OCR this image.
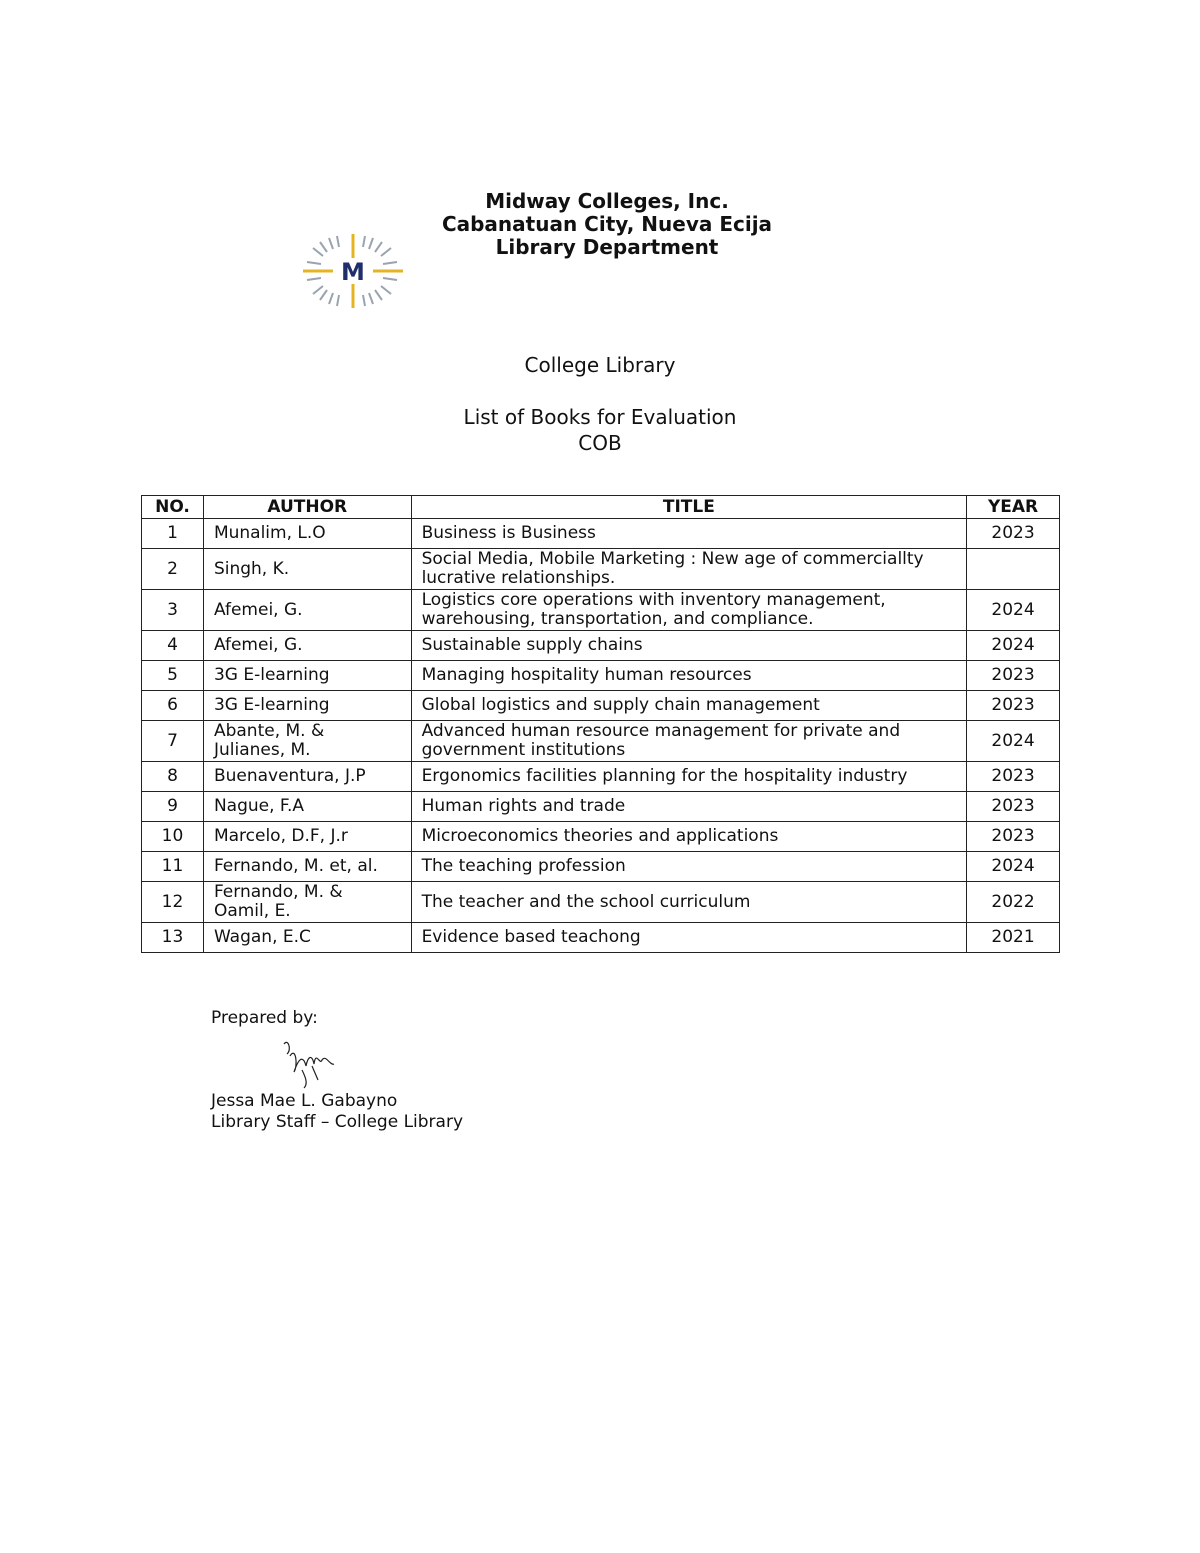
M
Midway Colleges, Inc.
Cabanatuan City, Nueva Ecija
Library Department
College Library
List of Books for Evaluation
COB
NO.	AUTHOR	TITLE	YEAR
1	Munalim, L.O	Business is Business	2023
2	Singh, K.	Social Media, Mobile Marketing : New age of commerciallty lucrative relationships.	
3	Afemei, G.	Logistics core operations with inventory management, warehousing, transportation, and compliance.	2024
4	Afemei, G.	Sustainable supply chains	2024
5	3G E-learning	Managing hospitality human resources	2023
6	3G E-learning	Global logistics and supply chain management	2023
7	Abante, M. & Julianes, M.	Advanced human resource management for private and government institutions	2024
8	Buenaventura, J.P	Ergonomics facilities planning for the hospitality industry	2023
9	Nague, F.A	Human rights and trade	2023
10	Marcelo, D.F, J.r	Microeconomics theories and applications	2023
11	Fernando, M. et, al.	The teaching profession	2024
12	Fernando, M. & Oamil, E.	The teacher and the school curriculum	2022
13	Wagan, E.C	Evidence based teachong	2021
Prepared by:
Jessa Mae L. Gabayno
Library Staff – College Library
